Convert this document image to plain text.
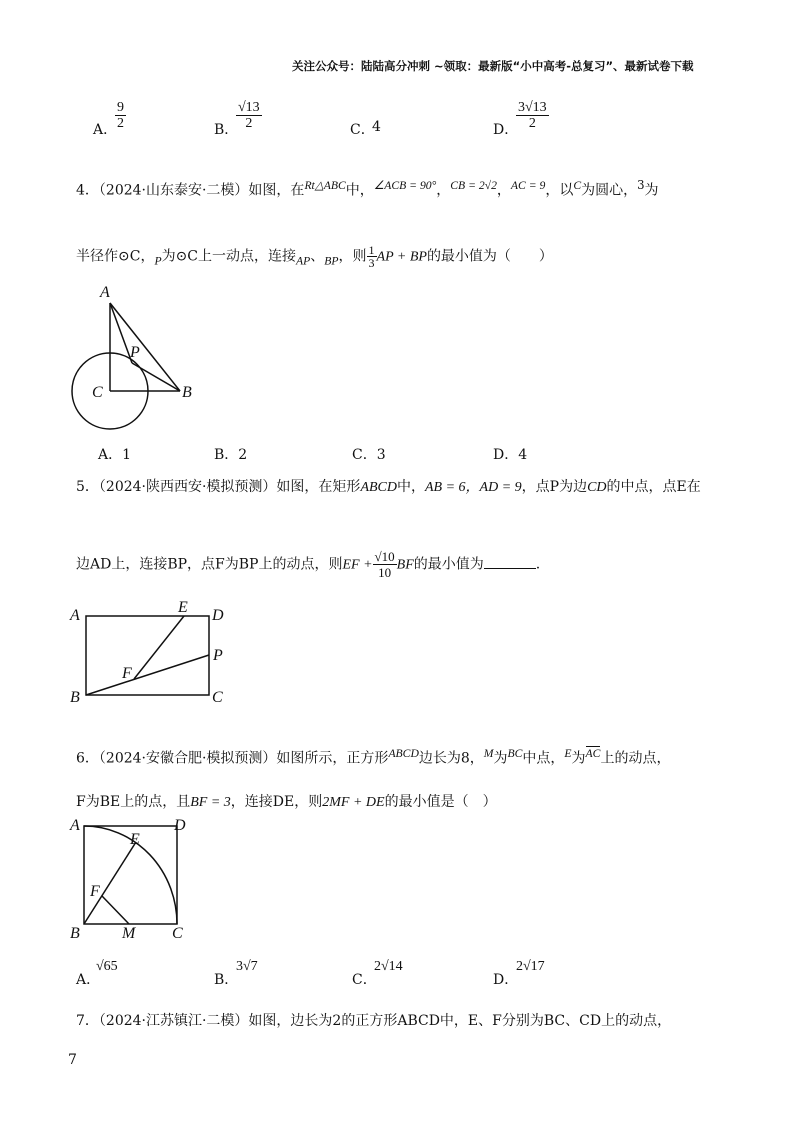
关注公众号：陆陆高分冲刺 ~领取：最新版“小中高考-总复习”、最新试卷下载
A．
$\frac{9}{2}$	B．
$\frac{√13}{2}$	C．
4	D．
$\frac{3√13}{2}$
4．（2024·山东泰安·二模）如图，在$^{Rt\triangle ABC}$中，$^{\angle ACB = 90^\circ}$，$^{CB = 2√2}$，$^{AC = 9}$，以$^C$为圆心，$^3$为
半径作⊙C，$_P$为⊙C上一动点，连接$_{AP}$、$_{BP}$，则 $\frac{1}{3}$ AP + BP的最小值为（　　）
A
P
C	B
A．1	B．2	C．3	D．4
5．（2024·陕西西安·模拟预测）如图，在矩形ABCD中，AB = 6，AD = 9，点P为边CD的中点，点E在
边AD上，连接BP，点F为BP上的动点，则EF + $\frac{√10}{10}$ BF的最小值为	.
A	E D
P
F
B	C
6．（2024·安徽合肥·模拟预测）如图所示，正方形$^{ABCD}$边长为8，$^M$为$^{BC}$中点，$^E$为$^{AC}$上的动点，
F为BE上的点，且BF = 3，连接DE，则2MF + DE的最小值是（　）
A	D
E
F
B	M C
A．
√65
B．
3√7
C．
2√14
D．
2√17
7．（2024·江苏镇江·二模）如图，边长为2的正方形ABCD中，E、F分别为BC、CD上的动点，
7
